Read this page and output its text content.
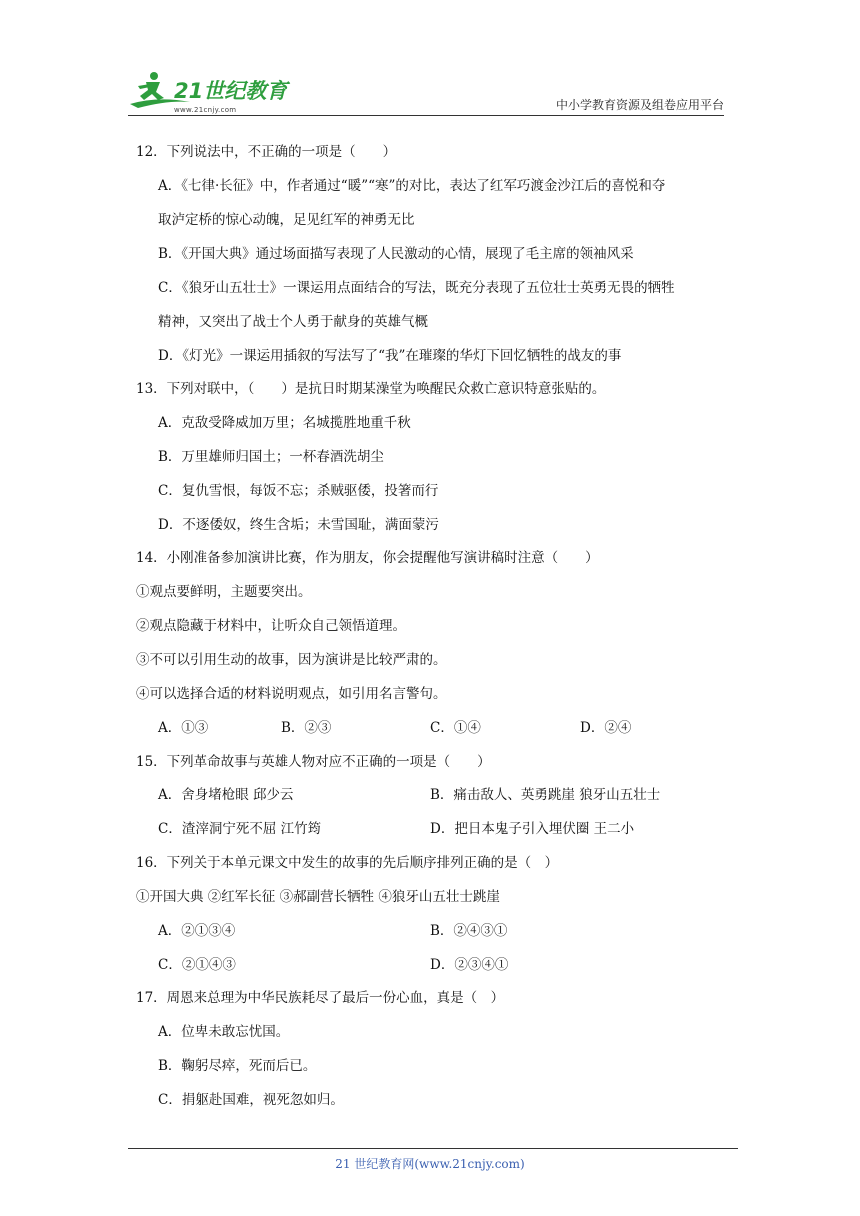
21世纪教育
www.21cnjy.com	中小学教育资源及组卷应用平台
12．下列说法中，不正确的一项是（　　）
A．《七律·长征》中，作者通过“暖”“寒”的对比，表达了红军巧渡金沙江后的喜悦和夺
取泸定桥的惊心动魄，足见红军的神勇无比
B．《开国大典》通过场面描写表现了人民激动的心情，展现了毛主席的领袖风采
C．《狼牙山五壮士》一课运用点面结合的写法，既充分表现了五位壮士英勇无畏的牺牲
精神，又突出了战士个人勇于献身的英雄气概
D．《灯光》一课运用插叙的写法写了“我”在璀璨的华灯下回忆牺牲的战友的事
13．下列对联中，（　　）是抗日时期某澡堂为唤醒民众救亡意识特意张贴的。
A．克敌受降威加万里；名城揽胜地重千秋
B．万里雄师归国土；一杯春酒洗胡尘
C．复仇雪恨，每饭不忘；杀贼驱倭，投箸而行
D．不逐倭奴，终生含垢；未雪国耻，满面蒙污
14．小刚准备参加演讲比赛，作为朋友，你会提醒他写演讲稿时注意（　　）
①观点要鲜明，主题要突出。
②观点隐藏于材料中，让听众自己领悟道理。
③不可以引用生动的故事，因为演讲是比较严肃的。
④可以选择合适的材料说明观点，如引用名言警句。
A．①③	B．②③	C．①④	D．②④
15．下列革命故事与英雄人物对应不正确的一项是（　　）
A．舍身堵枪眼 邱少云	B．痛击敌人、英勇跳崖 狼牙山五壮士
C．渣滓洞宁死不屈 江竹筠	D．把日本鬼子引入埋伏圈 王二小
16．下列关于本单元课文中发生的故事的先后顺序排列正确的是（　）
①开国大典 ②红军长征 ③郝副营长牺牲 ④狼牙山五壮士跳崖
A．②①③④	B．②④③①
C．②①④③	D．②③④①
17．周恩来总理为中华民族耗尽了最后一份心血，真是（　）
A．位卑未敢忘忧国。
B．鞠躬尽瘁，死而后已。
C．捐躯赴国难，视死忽如归。
21 世纪教育网(www.21cnjy.com)
